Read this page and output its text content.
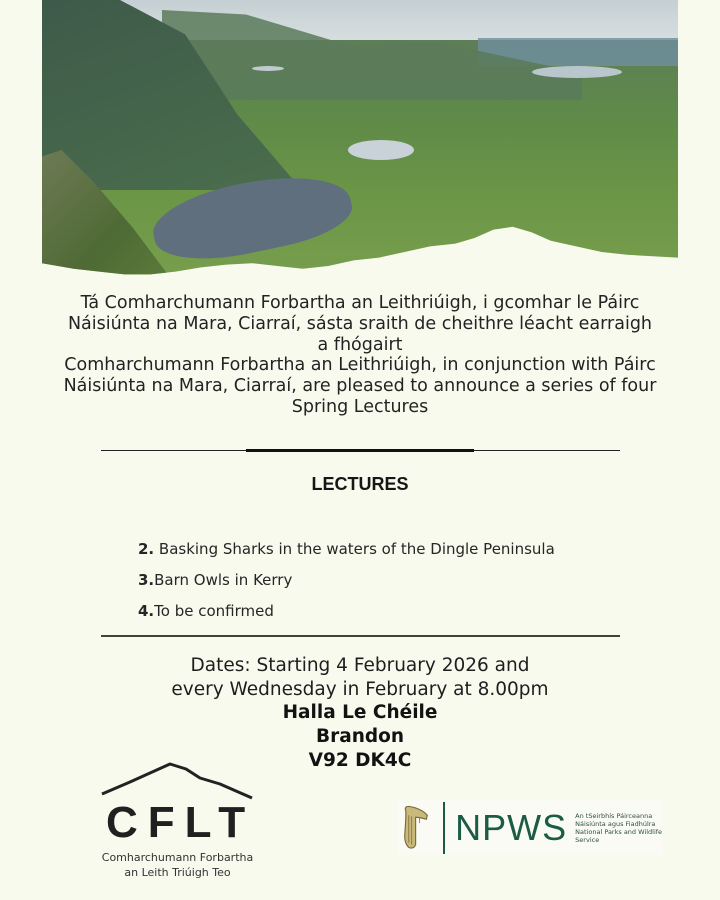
Tá Comharchumann Forbartha an Leithriúigh, i gcomhar le Páirc Náisiúnta na Mara, Ciarraí, sásta sraith de cheithre léacht earraigh a fhógairt
Comharchumann Forbartha an Leithriúigh, in conjunction with Páirc Náisiúnta na Mara, Ciarraí, are pleased to announce a series of four Spring Lectures
LECTURES
2. Basking Sharks in the waters of the Dingle Peninsula
3.Barn Owls in Kerry
4.To be confirmed
Dates: Starting 4 February 2026 and
every Wednesday in February at 8.00pm
Halla Le Chéile
Brandon
V92 DK4C
CFLT
Comharchumann Forbartha
an Leith Triúigh Teo
NPWS An tSeirbhís Páirceanna
Náisiúnta agus Fiadhúlra
National Parks and Wildlife
Service
